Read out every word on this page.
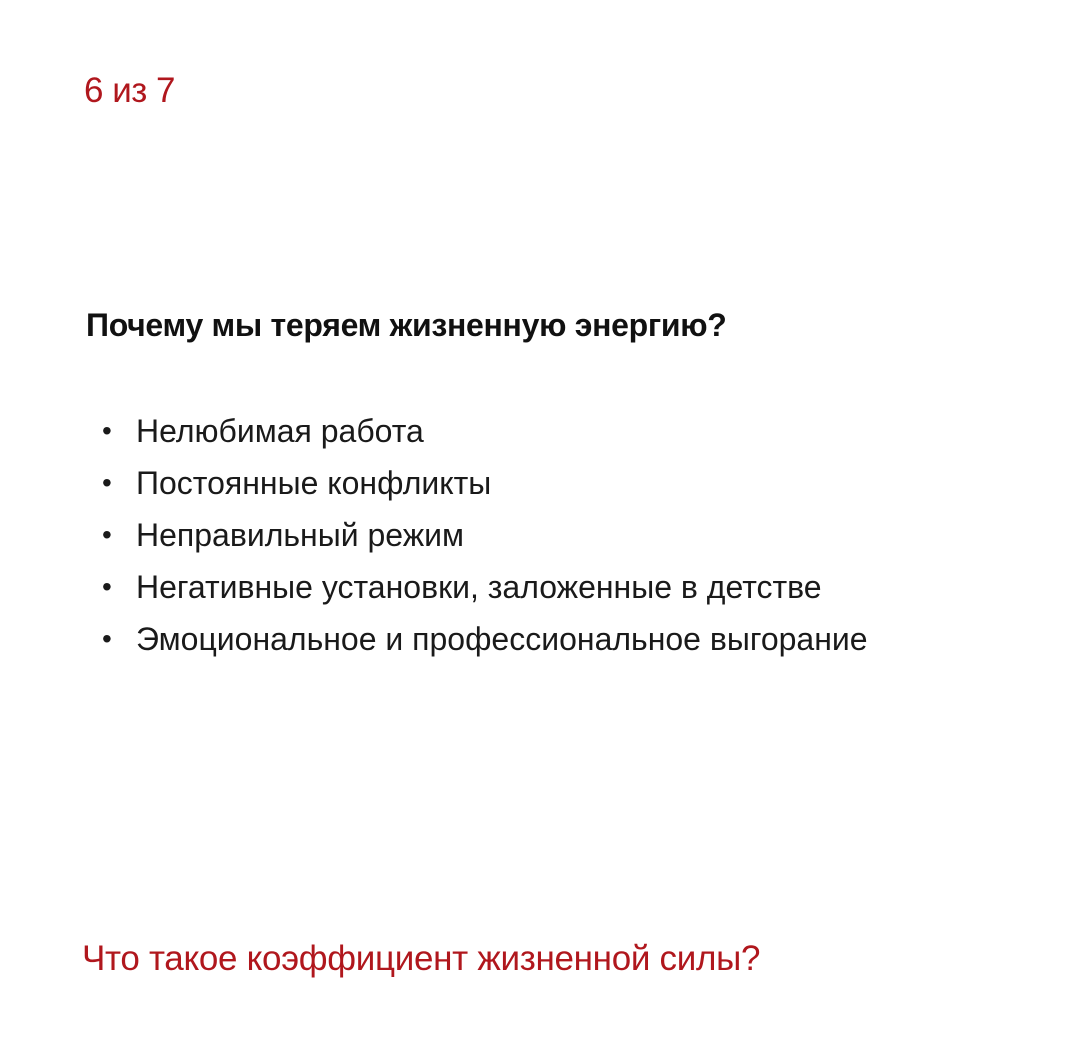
6 из 7
Почему мы теряем жизненную энергию?
• Нелюбимая работа
• Постоянные конфликты
• Неправильный режим
• Негативные установки, заложенные в детстве
• Эмоциональное и профессиональное выгорание
Что такое коэффициент жизненной силы?
